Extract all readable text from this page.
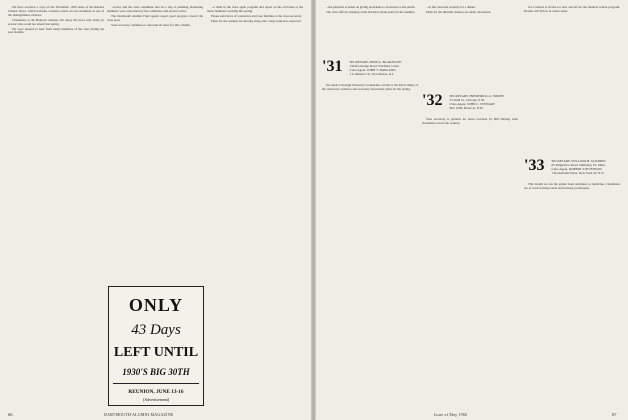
We have received a copy of the November 1959 issue of the Rhodes Scholar News, which includes a feature article on our classmate as one of the distinguished scholars.

Classmates at the Hanover reunion will enjoy the news sent along by several who could not attend last spring.

We were pleased to hear from many members of the class during the past months.

...forest, and the class committee met for a day of planning. Returning members were welcomed by the committee and several wives.

The Dartmouth Alumni Fund agents report good progress toward the class goal.

Your secretary continues to welcome all news for this column.

...a chief in the class agent program and report on the activities of the many members working this spring.

Please send news of yourselves and your families to the class secretary.

Plans for the reunion are moving along and a large turnout is expected.

ONLY
43 Days
LEFT UNTIL
1930'S BIG 30TH
REUNION, JUNE 13-16
(Advertisement)
66	DARTMOUTH ALUMNI MAGAZINE

...the platform is based on giving presidents to be known to the public.

The class officers meeting at the Inn have made plans for the summer.

'31 SECRETARY, FRED A. BLAKESLEE
134 Rockridge Road, Fairfield, Conn.
Class Agent, JOHN T. HARLAND
1 Commerce St., Providence, R.I.

We made it through February's avalanches of bills to the Fund. Many of the class have written to the secretary about their plans for the spring.

...of the class met recently for a dinner.

Plans for the thirtieth reunion are under discussion.

'32 SECRETARY, FREDERICK A. NORTH
55 Kidd St., Chicago 9, Ill.
Class Agent, JOHN C. STEWART
Box 1060, Hanover, N.H.

Your secretary is grateful for notes received by Bill Nutting from classmates across the country.

Joe Carbone is in line for new aircraft for the medical school program. Details will follow in a later issue.

'33 SECRETARY, WILLIAM H. GLIDDEN
65 Ridgeview Road, Wellesley 81, Mass.
Class Agent, ROBERT STEVENSON
1 Rockefeller Plaza, New York 20, N.Y.

This month we run the gamut from adventure to medicine. Classmates are at work in many lands and in many professions.

Issue of May 1960	67
